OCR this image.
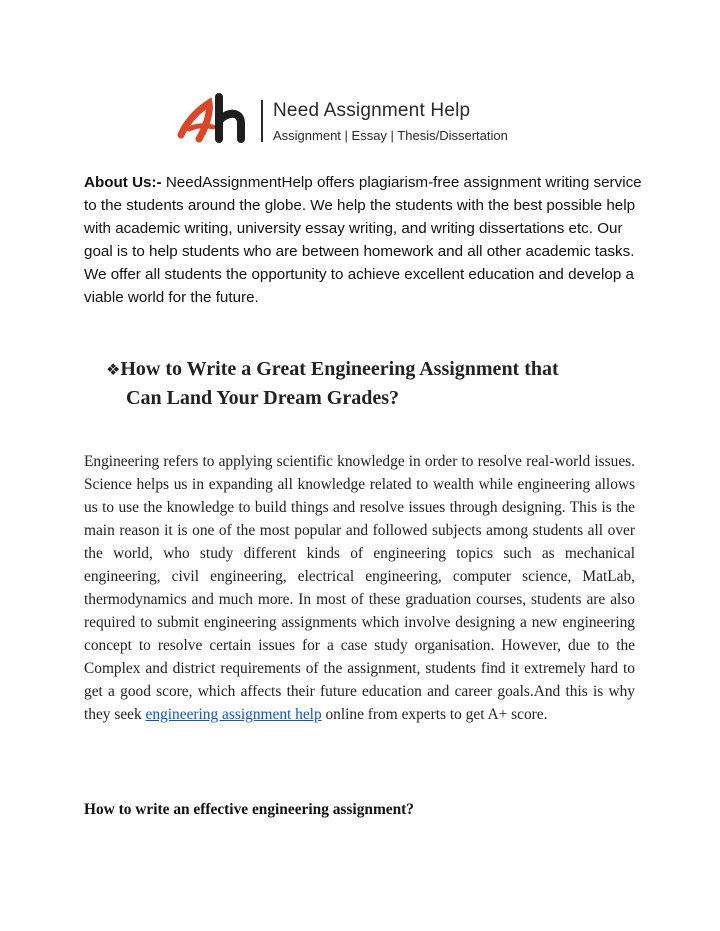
Need Assignment Help
Assignment | Essay | Thesis/Dissertation
About Us:- NeedAssignmentHelp offers plagiarism-free assignment writing service to the students around the globe. We help the students with the best possible help with academic writing, university essay writing, and writing dissertations etc. Our goal is to help students who are between homework and all other academic tasks. We offer all students the opportunity to achieve excellent education and develop a viable world for the future.
❖How to Write a Great Engineering Assignment that
Can Land Your Dream Grades?
Engineering refers to applying scientific knowledge in order to resolve real-world issues. Science helps us in expanding all knowledge related to wealth while engineering allows us to use the knowledge to build things and resolve issues through designing. This is the main reason it is one of the most popular and followed subjects among students all over the world, who study different kinds of engineering topics such as mechanical engineering, civil engineering, electrical engineering, computer science, MatLab, thermodynamics and much more. In most of these graduation courses, students are also required to submit engineering assignments which involve designing a new engineering concept to resolve certain issues for a case study organisation. However, due to the Complex and district requirements of the assignment, students find it extremely hard to get a good score, which affects their future education and career goals.And this is why they seek engineering assignment help online from experts to get A+ score.
How to write an effective engineering assignment?
